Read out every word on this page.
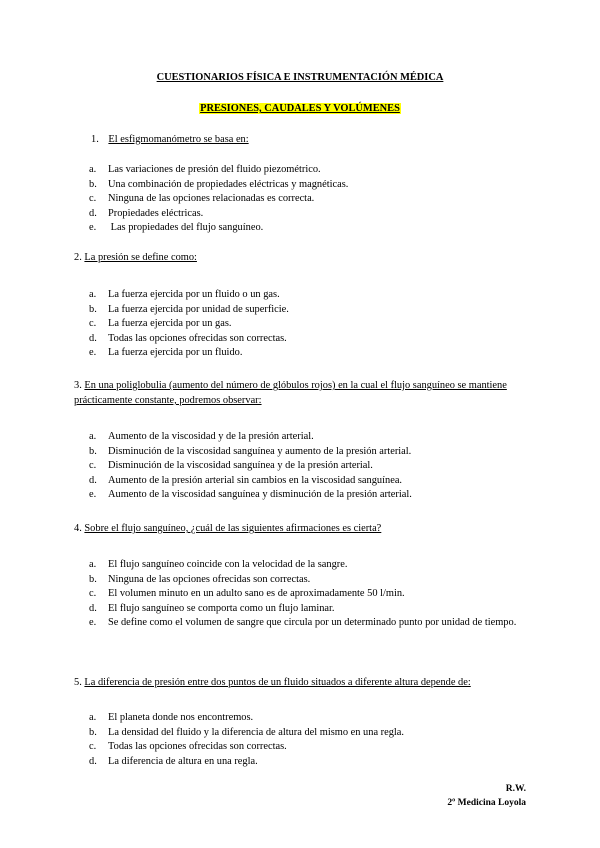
CUESTIONARIOS FÍSICA E INSTRUMENTACIÓN MÉDICA
PRESIONES, CAUDALES Y VOLÚMENES
1. El esfigmomanómetro se basa en:
a. Las variaciones de presión del fluido piezométrico.
b. Una combinación de propiedades eléctricas y magnéticas.
c. Ninguna de las opciones relacionadas es correcta.
d. Propiedades eléctricas.
e. Las propiedades del flujo sanguíneo.
2. La presión se define como:
a. La fuerza ejercida por un fluido o un gas.
b. La fuerza ejercida por unidad de superficie.
c. La fuerza ejercida por un gas.
d. Todas las opciones ofrecidas son correctas.
e. La fuerza ejercida por un fluido.
3. En una poliglobulia (aumento del número de glóbulos rojos) en la cual el flujo sanguíneo se mantiene prácticamente constante, podremos observar:
a. Aumento de la viscosidad y de la presión arterial.
b. Disminución de la viscosidad sanguínea y aumento de la presión arterial.
c. Disminución de la viscosidad sanguínea y de la presión arterial.
d. Aumento de la presión arterial sin cambios en la viscosidad sanguínea.
e. Aumento de la viscosidad sanguínea y disminución de la presión arterial.
4. Sobre el flujo sanguíneo, ¿cuál de las siguientes afirmaciones es cierta?
a. El flujo sanguíneo coincide con la velocidad de la sangre.
b. Ninguna de las opciones ofrecidas son correctas.
c. El volumen minuto en un adulto sano es de aproximadamente 50 l/min.
d. El flujo sanguíneo se comporta como un flujo laminar.
e. Se define como el volumen de sangre que circula por un determinado punto por unidad de tiempo.
5. La diferencia de presión entre dos puntos de un fluido situados a diferente altura depende de:
a. El planeta donde nos encontremos.
b. La densidad del fluido y la diferencia de altura del mismo en una regla.
c. Todas las opciones ofrecidas son correctas.
d. La diferencia de altura en una regla.
R.W.
2º Medicina Loyola
